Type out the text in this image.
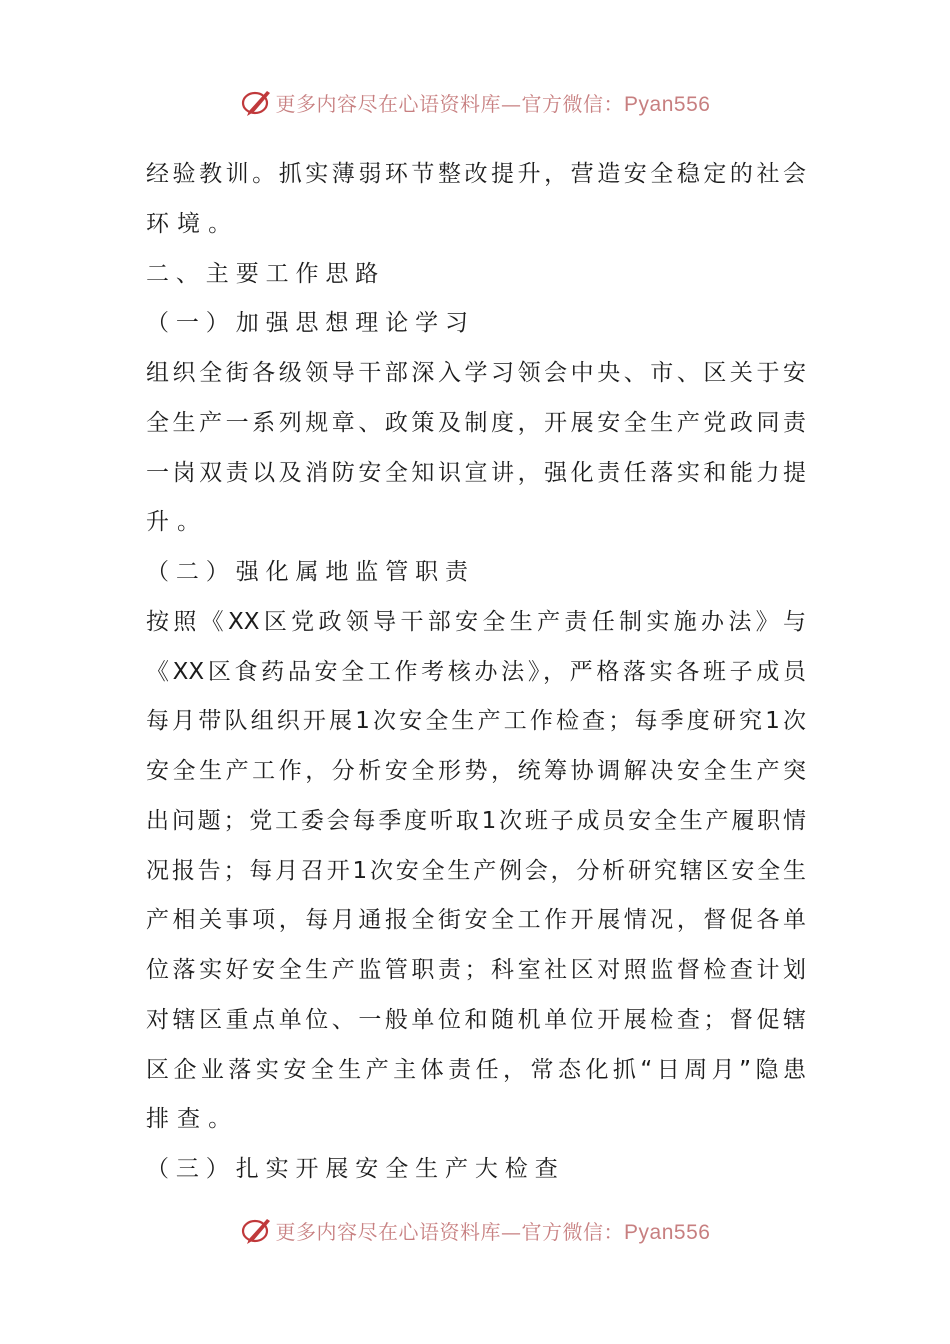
更多内容尽在心语资料库—官方微信：Pyan556
经验教训。抓实薄弱环节整改提升，营造安全稳定的社会
环境。
二、主要工作思路
（一）加强思想理论学习
组织全街各级领导干部深入学习领会中央、市、区关于安
全生产一系列规章、政策及制度，开展安全生产党政同责
一岗双责以及消防安全知识宣讲，强化责任落实和能力提
升。
（二）强化属地监管职责
按照《XX区党政领导干部安全生产责任制实施办法》与
《XX区食药品安全工作考核办法》，严格落实各班子成员
每月带队组织开展1次安全生产工作检查；每季度研究1次
安全生产工作，分析安全形势，统筹协调解决安全生产突
出问题；党工委会每季度听取1次班子成员安全生产履职情
况报告；每月召开1次安全生产例会，分析研究辖区安全生
产相关事项，每月通报全街安全工作开展情况，督促各单
位落实好安全生产监管职责；科室社区对照监督检查计划
对辖区重点单位、一般单位和随机单位开展检查；督促辖
区企业落实安全生产主体责任，常态化抓“日周月”隐患
排查。
（三）扎实开展安全生产大检查
更多内容尽在心语资料库—官方微信：Pyan556
